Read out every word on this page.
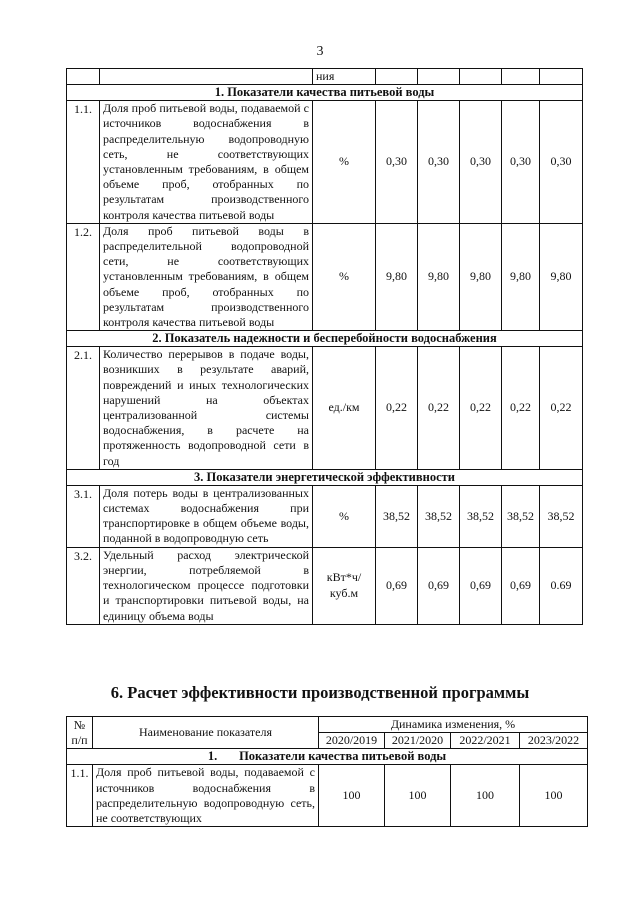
3
		ния					
1. Показатели качества питьевой воды							
1.1.	Доля проб питьевой воды, подаваемой с источников водоснабжения в распределительную водопроводную сеть, не соответствующих установленным требованиям, в общем объеме проб, отобранных по результатам производственного контроля качества питьевой воды	%	0,30	0,30	0,30	0,30	0,30
1.2.	Доля проб питьевой воды в распределительной водопроводной сети, не соответствующих установленным требованиям, в общем объеме проб, отобранных по результатам производственного контроля качества питьевой воды	%	9,80	9,80	9,80	9,80	9,80
2. Показатель надежности и бесперебойности водоснабжения							
2.1.	Количество перерывов в подаче воды, возникших в результате аварий, повреждений и иных технологических нарушений на объектах централизованной системы водоснабжения, в расчете на протяженность водопроводной сети в год	ед./км	0,22	0,22	0,22	0,22	0,22
3. Показатели энергетической эффективности							
3.1.	Доля потерь воды в централизованных системах водоснабжения при транспортировке в общем объеме воды, поданной в водопроводную сеть	%	38,52	38,52	38,52	38,52	38,52
3.2.	Удельный расход электрической энергии, потребляемой в технологическом процессе подготовки и транспортировки питьевой воды, на единицу объема воды	кВт*ч/ куб.м	0,69	0,69	0,69	0,69	0.69
6. Расчет эффективности производственной программы
№ п/п	Наименование показателя	Динамика изменения, %			
		2020/2019	2021/2020	2022/2021	2023/2022
1. Показатели качества питьевой воды					
1.1.	Доля проб питьевой воды, подаваемой с источников водоснабжения в распределительную водопроводную сеть, не соответствующих	100	100	100	100
